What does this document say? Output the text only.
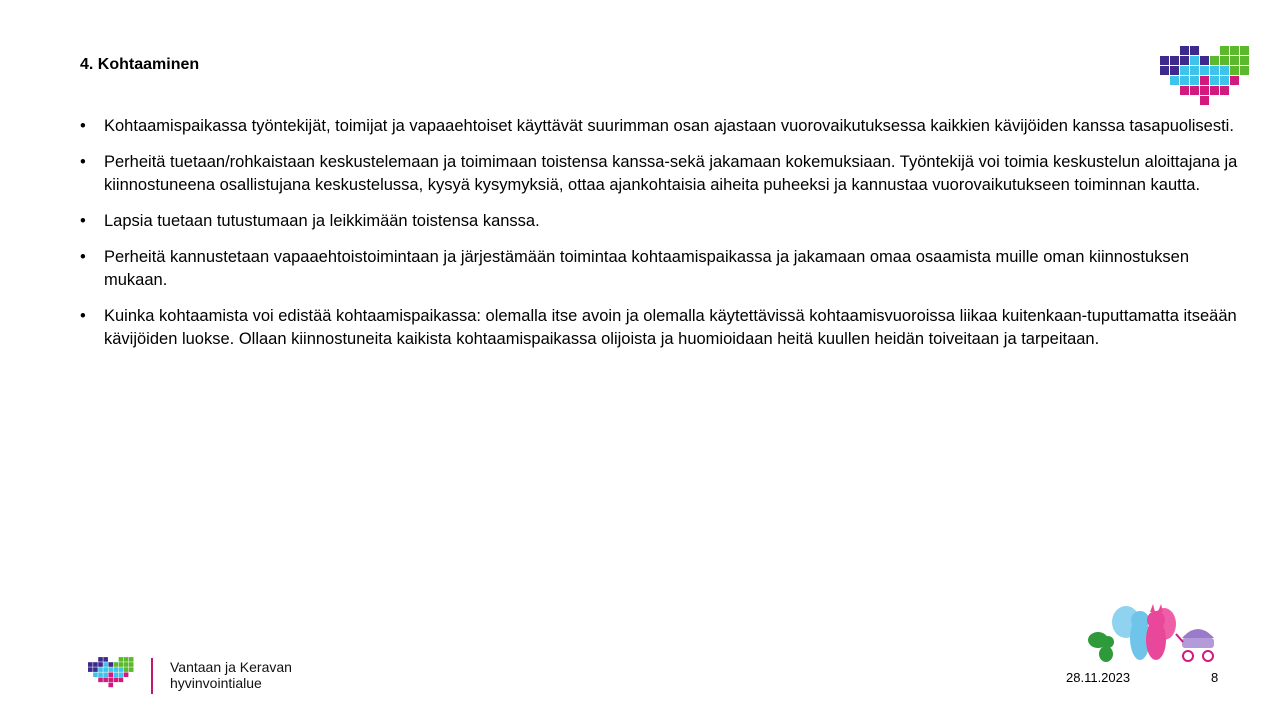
4. Kohtaaminen
•	Kohtaamispaikassa työntekijät, toimijat ja vapaaehtoiset käyttävät suurimman osan ajastaan vuorovaikutuksessa kaikkien kävijöiden kanssa tasapuolisesti.
•	Perheitä tuetaan/rohkaistaan keskustelemaan ja toimimaan toistensa kanssa-sekä jakamaan kokemuksiaan. Työntekijä voi toimia keskustelun aloittajana ja kiinnostuneena osallistujana keskustelussa, kysyä kysymyksiä, ottaa ajankohtaisia aiheita puheeksi ja kannustaa vuorovaikutukseen toiminnan kautta.
•	Lapsia tuetaan tutustumaan ja leikkimään toistensa kanssa.
•	Perheitä kannustetaan vapaaehtoistoimintaan ja järjestämään toimintaa kohtaamispaikassa ja jakamaan omaa osaamista muille oman kiinnostuksen mukaan.
•	Kuinka kohtaamista voi edistää kohtaamispaikassa: olemalla itse avoin ja olemalla käytettävissä kohtaamisvuoroissa liikaa kuitenkaan-tuputtamatta itseään kävijöiden luokse. Ollaan kiinnostuneita kaikista kohtaamispaikassa olijoista ja huomioidaan heitä kuullen heidän toiveitaan ja tarpeitaan.
Vantaan ja Keravan
hyvinvointialue	28.11.2023	8
